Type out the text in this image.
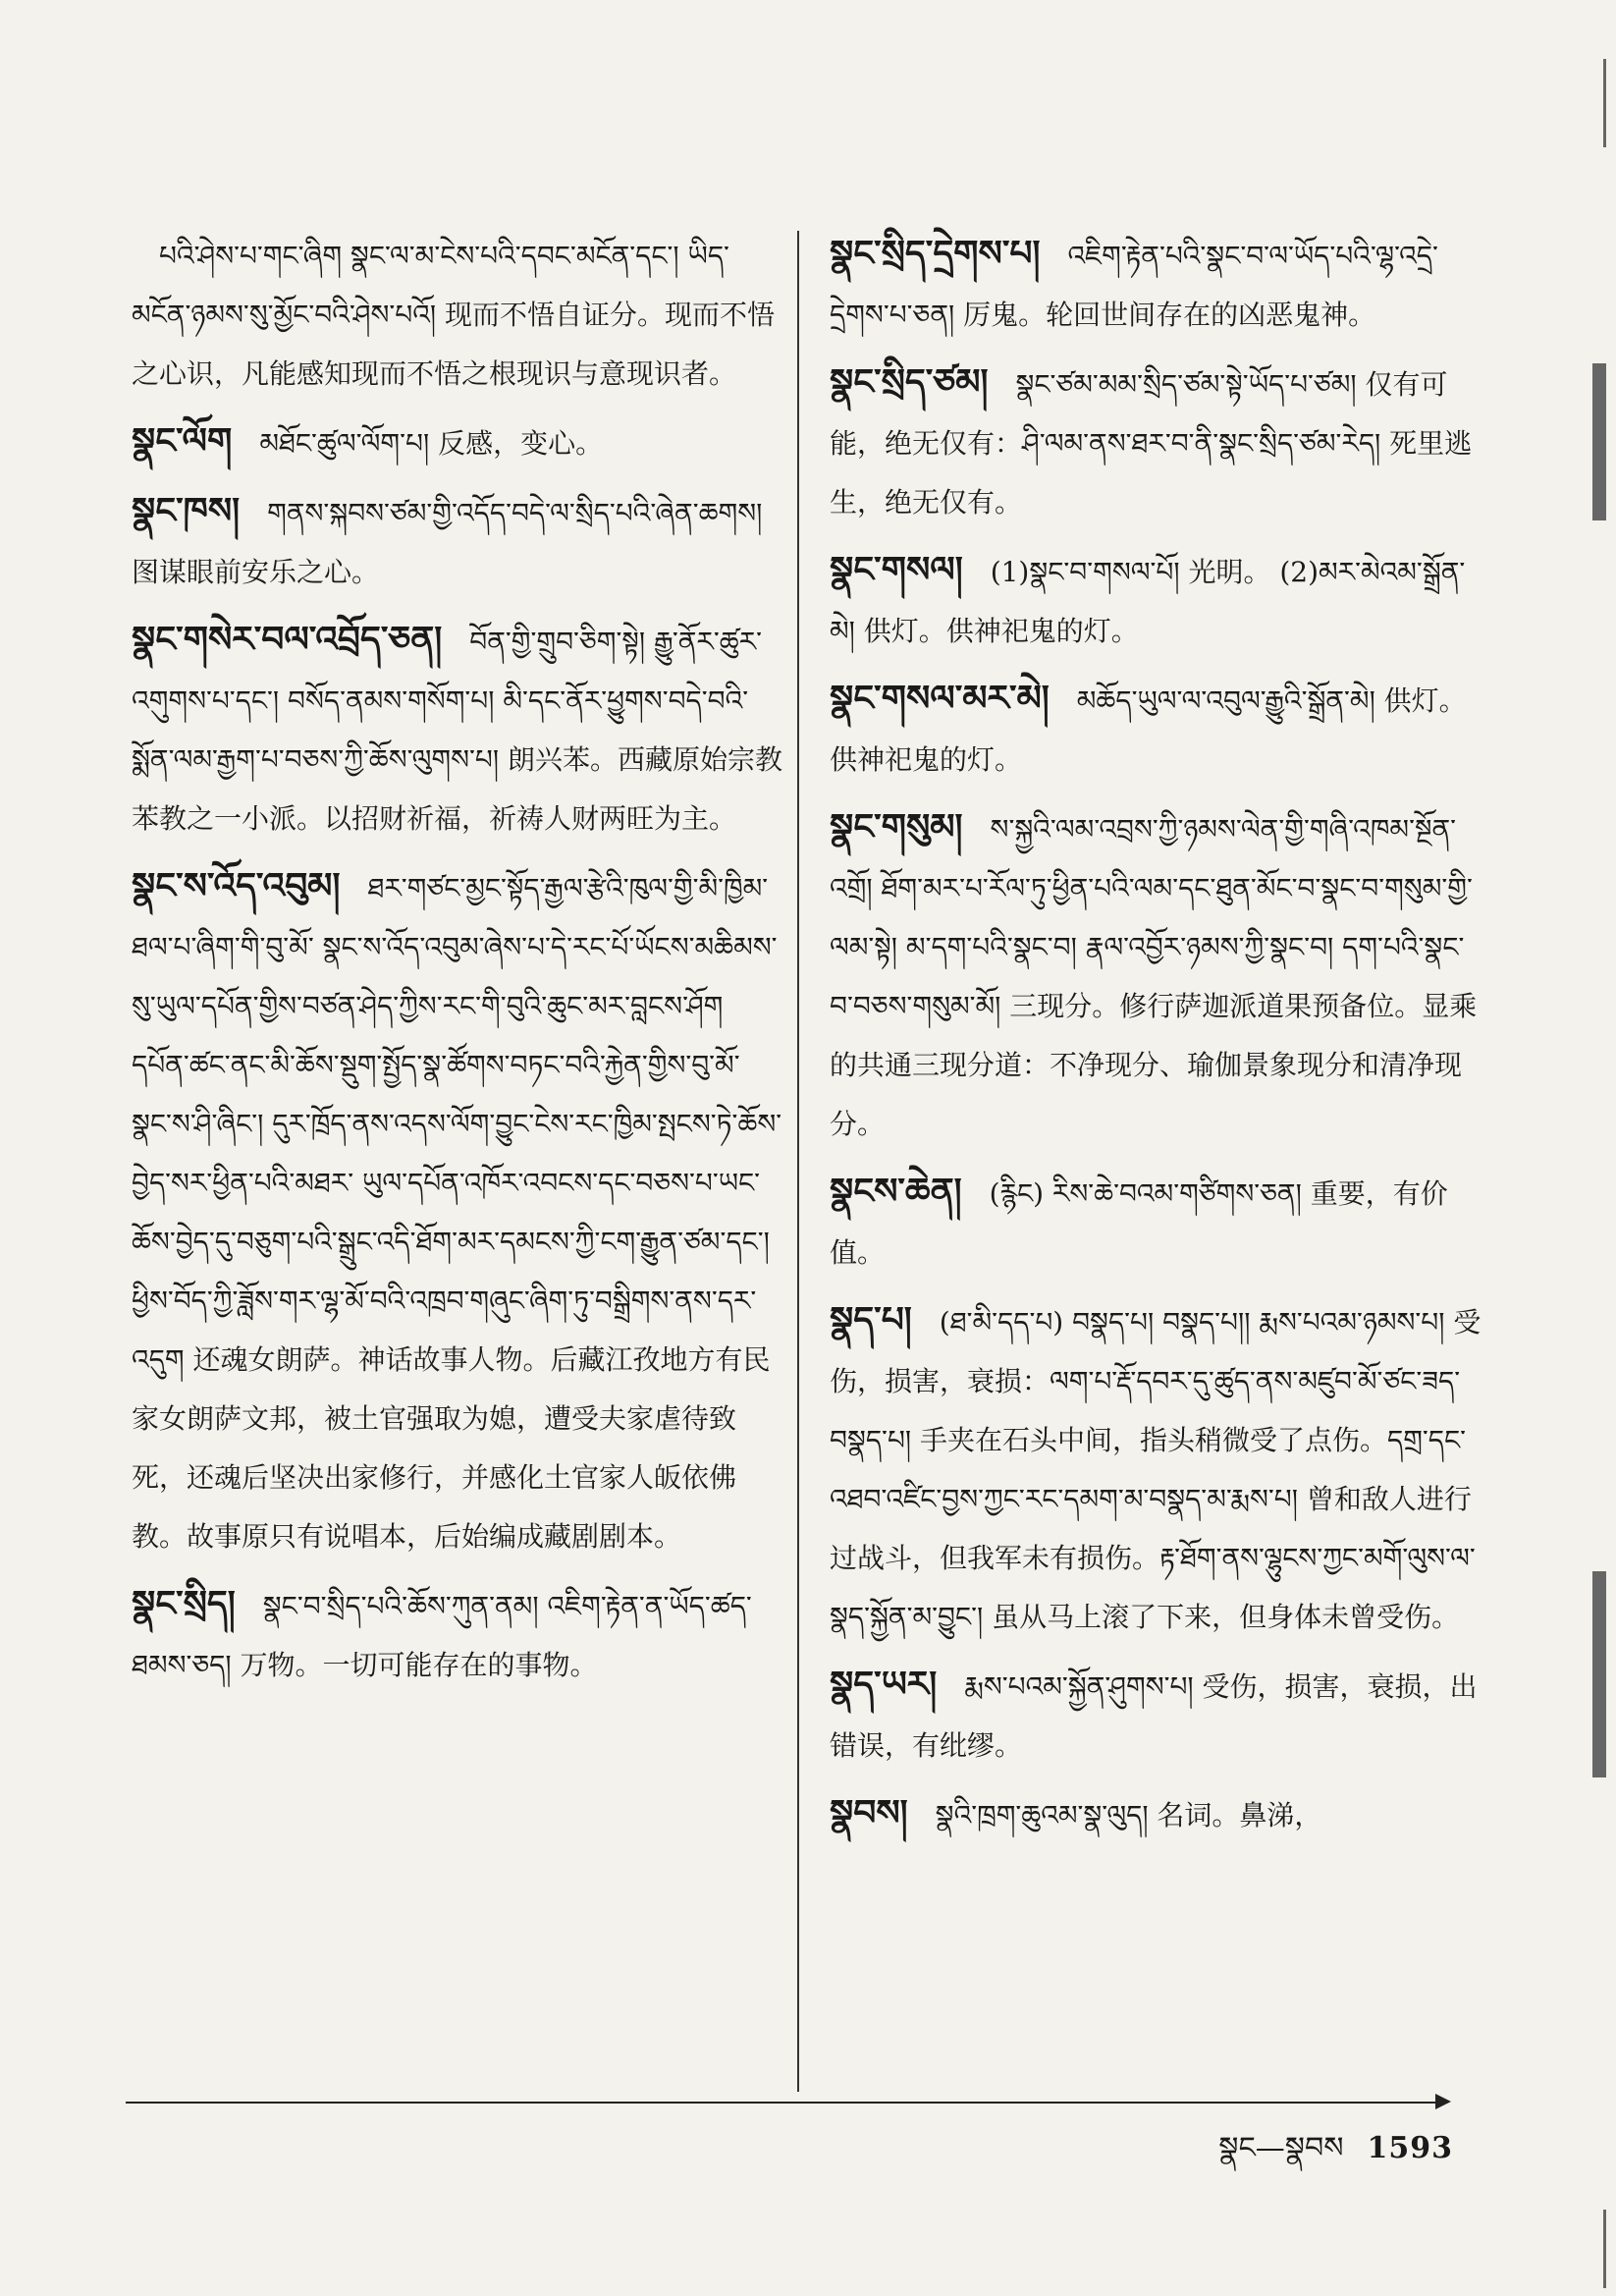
པའི་ཤེས་པ་གང་ཞིག སྣང་ལ་མ་ངེས་པའི་དབང་མངོན་དང་། ཡིད་མངོན་ཉམས་སུ་མྱོང་བའི་ཤེས་པའོ། 现而不悟自证分。现而不悟之心识，凡能感知现而不悟之根现识与意现识者。
སྣང་ལོག མཐོང་ཚུལ་ལོག་པ། 反感，变心。
སྣང་ཁས། གནས་སྐབས་ཙམ་གྱི་འདོད་བདེ་ལ་སྲིད་པའི་ཞེན་ཆགས། 图谋眼前安乐之心。
སྣང་གསེར་བལ་འབྲོད་ཅན། བོན་གྱི་གྲུབ་ཅིག་སྟེ། རྒྱུ་ནོར་ཚུར་འགུགས་པ་དང་། བསོད་ནམས་གསོག་པ། མི་དང་ནོར་ཕྱུགས་བདེ་བའི་སྨོན་ལམ་རྒྱག་པ་བཅས་ཀྱི་ཆོས་ལུགས་པ། 朗兴苯。西藏原始宗教苯教之一小派。以招财祈福，祈祷人财两旺为主。
སྣང་ས་འོད་འབུམ། ཐར་གཙང་མྱང་སྟོད་རྒྱལ་རྩེའི་ཁུལ་གྱི་མི་ཁྱིམ་ཐལ་པ་ཞིག་གི་བུ་མོ་ སྣང་ས་འོད་འབུམ་ཞེས་པ་དེ་རང་པོ་ཡོངས་མཆིམས་སུ་ཡུལ་དཔོན་གྱིས་བཙན་ཤེད་ཀྱིས་རང་གི་བུའི་ཆུང་མར་བླངས་ཤོག དཔོན་ཚང་ནང་མི་ཆོས་སྡུག་སྤྱོད་སྣ་ཚོགས་བཏང་བའི་རྐྱེན་གྱིས་བུ་མོ་ སྣང་ས་ཤི་ཞིང་། དུར་ཁྲོད་ནས་འདས་ལོག་བྱུང་ངེས་རང་ཁྱིམ་སྤངས་ཏེ་ཆོས་བྱེད་སར་ཕྱིན་པའི་མཐར་ ཡུལ་དཔོན་འཁོར་འབངས་དང་བཅས་པ་ཡང་ཆོས་བྱེད་དུ་བཅུག་པའི་སྒྲུང་འདི་ཐོག་མར་དམངས་ཀྱི་ངག་རྒྱུན་ཙམ་དང་། ཕྱིས་བོད་ཀྱི་ཟློས་གར་ལྷ་མོ་བའི་འཁྲབ་གཞུང་ཞིག་ཏུ་བསྒྲིགས་ནས་དར་འདུག 还魂女朗萨。神话故事人物。后藏江孜地方有民家女朗萨文邦，被土官强取为媳，遭受夫家虐待致死，还魂后坚决出家修行，并感化土官家人皈依佛教。故事原只有说唱本，后始编成藏剧剧本。
སྣང་སྲིད། སྣང་བ་སྲིད་པའི་ཆོས་ཀུན་ནམ། འཇིག་རྟེན་ན་ཡོད་ཚད་ཐམས་ཅད། 万物。一切可能存在的事物。
སྣང་སྲིད་དྲེགས་པ། འཇིག་རྟེན་པའི་སྣང་བ་ལ་ཡོད་པའི་ལྷ་འདྲེ་དྲེགས་པ་ཅན། 厉鬼。轮回世间存在的凶恶鬼神。
སྣང་སྲིད་ཙམ། སྣང་ཙམ་མམ་སྲིད་ཙམ་སྟེ་ཡོད་པ་ཙམ། 仅有可能，绝无仅有：ཤི་ལམ་ནས་ཐར་བ་ནི་སྣང་སྲིད་ཙམ་རེད། 死里逃生，绝无仅有。
སྣང་གསལ། (1)སྣང་བ་གསལ་པོ། 光明。 (2)མར་མེའམ་སྒྲོན་མེ། 供灯。供神祀鬼的灯。
སྣང་གསལ་མར་མེ། མཆོད་ཡུལ་ལ་འབུལ་རྒྱུའི་སྒྲོན་མེ། 供灯。供神祀鬼的灯。
སྣང་གསུམ། ས་སྐྱའི་ལམ་འབྲས་ཀྱི་ཉམས་ལེན་གྱི་གཞི་འཁམ་སྔོན་འགྲོ། ཐོག་མར་པ་རོལ་ཏུ་ཕྱིན་པའི་ལམ་དང་ཐུན་མོང་བ་སྣང་བ་གསུམ་གྱི་ལམ་སྟེ། མ་དག་པའི་སྣང་བ། རྣལ་འབྱོར་ཉམས་ཀྱི་སྣང་བ། དག་པའི་སྣང་བ་བཅས་གསུམ་མོ། 三现分。修行萨迦派道果预备位。显乘的共通三现分道：不净现分、瑜伽景象现分和清净现分。
སྣངས་ཆེན། (རྙིང) རིས་ཆེ་བའམ་གཙིགས་ཅན། 重要，有价值。
སྣད་པ། (ཐ་མི་དད་པ) བསྣད་པ། བསྣད་པ།། རྨས་པའམ་ཉམས་པ། 受伤，损害，衰损：ལག་པ་རྡོ་དབར་དུ་ཚུད་ནས་མཛུབ་མོ་ཙང་ཟད་བསྣད་པ། 手夹在石头中间，指头稍微受了点伤。དགྲ་དང་འཐབ་འཛིང་བྱས་ཀྱང་རང་དམག་མ་བསྣད་མ་རྨས་པ། 曾和敌人进行过战斗，但我军未有损伤。རྟ་ཐོག་ནས་ལྷུངས་ཀྱང་མགོ་ལུས་ལ་སྣད་སྐྱོན་མ་བྱུང་། 虽从马上滚了下来，但身体未曾受伤。
སྣད་ཡར། རྨས་པའམ་སྐྱོན་ཤུགས་པ། 受伤，损害，衰损，出错误，有纰缪。
སྣབས། སྣའི་ཁྲག་ཆུའམ་སྣ་ལུད། 名词。鼻涕，
སྣང—སྣབས 1593
